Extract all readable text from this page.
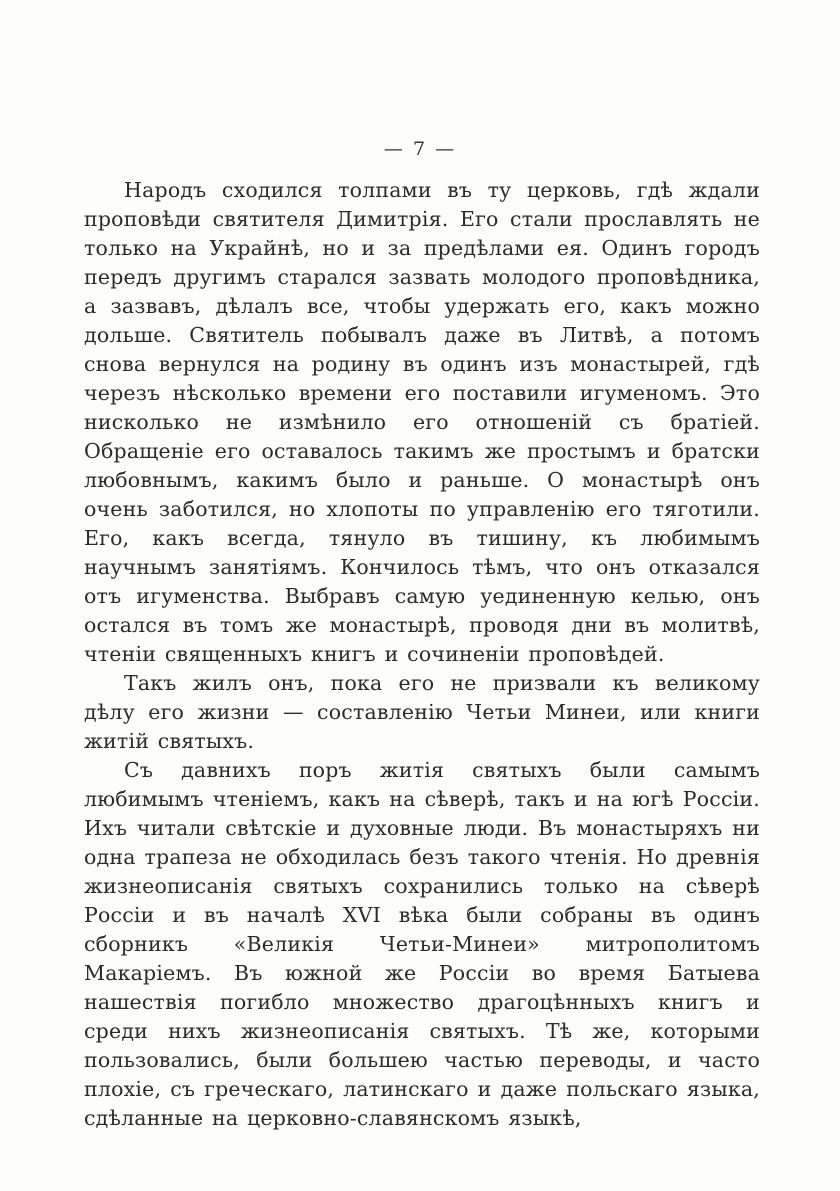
— 7 —

Народъ сходился толпами въ ту церковь, гдѣ ждали проповѣди святителя Димитрія. Его стали прославлять не только на Украйнѣ, но и за предѣлами ея. Одинъ городъ передъ другимъ старался зазвать молодого проповѣдника, а зазвавъ, дѣлалъ все, чтобы удержать его, какъ можно дольше. Святитель побывалъ даже въ Литвѣ, а потомъ снова вернулся на родину въ одинъ изъ монастырей, гдѣ черезъ нѣсколько времени его поставили игуменомъ. Это нисколько не измѣнило его отношеній съ братіей. Обращеніе его оставалось такимъ же простымъ и братски любовнымъ, какимъ было и раньше. О монастырѣ онъ очень заботился, но хлопоты по управленію его тяготили. Его, какъ всегда, тянуло въ тишину, къ любимымъ научнымъ занятіямъ. Кончилось тѣмъ, что онъ отказался отъ игуменства. Выбравъ самую уединенную келью, онъ остался въ томъ же монастырѣ, проводя дни въ молитвѣ, чтеніи священныхъ книгъ и сочиненіи проповѣдей.

Такъ жилъ онъ, пока его не призвали къ великому дѣлу его жизни — составленію Четьи Минеи, или книги житій святыхъ.

Съ давнихъ поръ житія святыхъ были самымъ любимымъ чтеніемъ, какъ на сѣверѣ, такъ и на югѣ Россіи. Ихъ читали свѣтскіе и духовные люди. Въ монастыряхъ ни одна трапеза не обходилась безъ такого чтенія. Но древнія жизнеописанія святыхъ сохранились только на сѣверѣ Россіи и въ началѣ XVI вѣка были собраны въ одинъ сборникъ «Великія Четьи-Минеи» митрополитомъ Макаріемъ. Въ южной же Россіи во время Батыева нашествія погибло множество драгоцѣнныхъ книгъ и среди нихъ жизнеописанія святыхъ. Тѣ же, которыми пользовались, были большею частью переводы, и часто плохіе, съ греческаго, латинскаго и даже польскаго языка, сдѣланные на церковно-славянскомъ языкѣ,
